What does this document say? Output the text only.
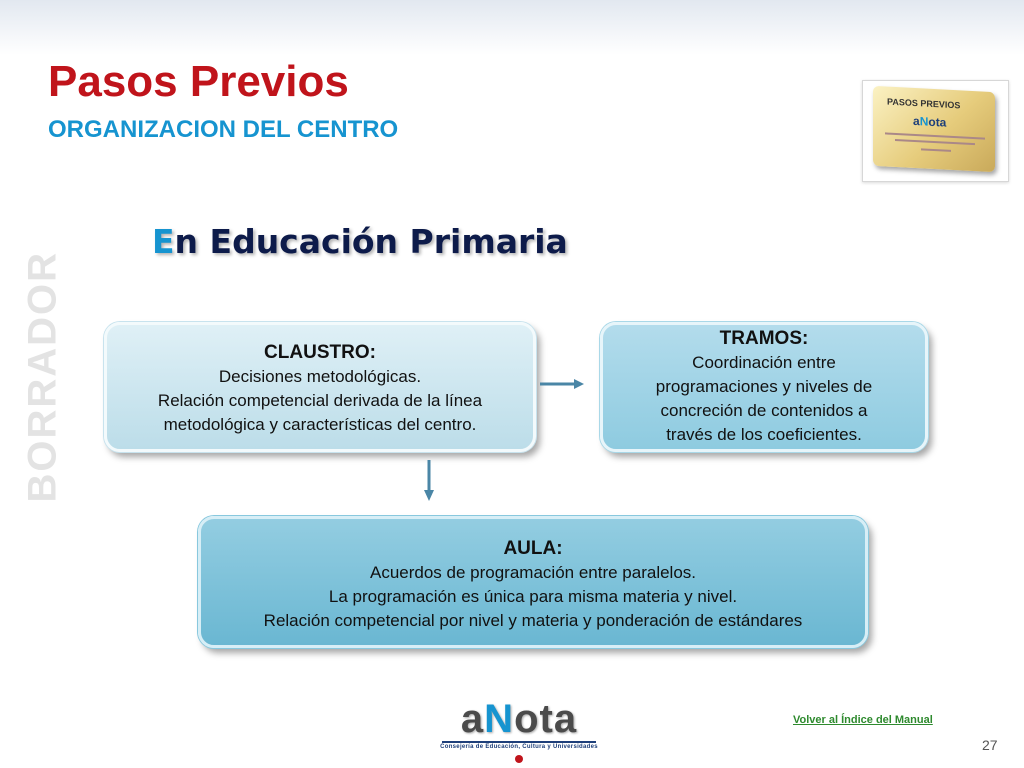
Pasos Previos
ORGANIZACION DEL CENTRO
PASOS PREVIOS
aNota
BORRADOR
En Educación Primaria
CLAUSTRO:
Decisiones metodológicas.
Relación competencial derivada de la línea
metodológica y características del centro.
TRAMOS:
Coordinación entre
programaciones y niveles de
concreción de contenidos a
través de los coeficientes.
AULA:
Acuerdos de programación entre paralelos.
La programación es única para misma materia y nivel.
Relación competencial por nivel y materia y ponderación de estándares
aNota
Consejería de Educación, Cultura y Universidades
Volver al Índice del Manual
27
